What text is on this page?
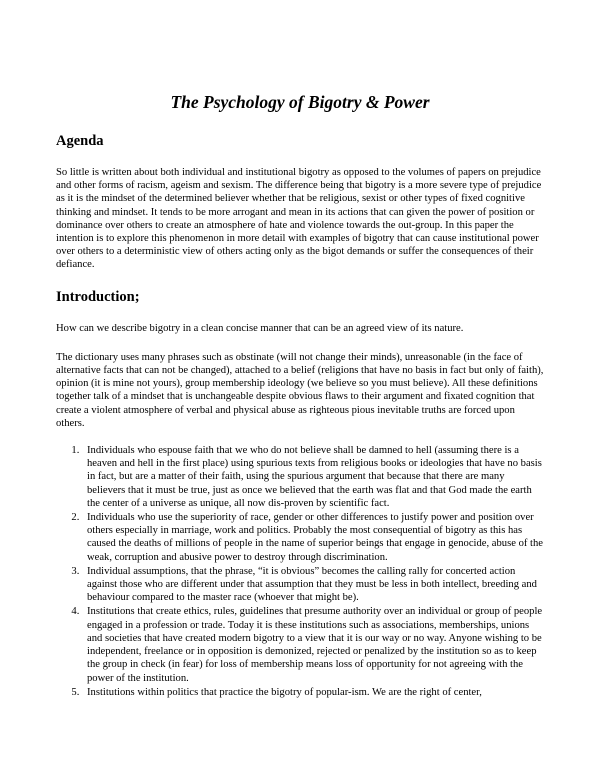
The Psychology of Bigotry & Power
Agenda

So little is written about both individual and institutional bigotry as opposed to the volumes of papers on prejudice and other forms of racism, ageism and sexism. The difference being that bigotry is a more severe type of prejudice as it is the mindset of the determined believer whether that be religious, sexist or other types of fixed cognitive thinking and mindset. It tends to be more arrogant and mean in its actions that can given the power of position or dominance over others to create an atmosphere of hate and violence towards the out-group. In this paper the intention is to explore this phenomenon in more detail with examples of bigotry that can cause institutional power over others to a deterministic view of others acting only as the bigot demands or suffer the consequences of their defiance.

Introduction;

How can we describe bigotry in a clean concise manner that can be an agreed view of its nature.

The dictionary uses many phrases such as obstinate (will not change their minds), unreasonable (in the face of alternative facts that can not be changed), attached to a belief (religions that have no basis in fact but only of faith), opinion (it is mine not yours), group membership ideology (we believe so you must believe). All these definitions together talk of a mindset that is unchangeable despite obvious flaws to their argument and fixated cognition that create a violent atmosphere of verbal and physical abuse as righteous pious inevitable truths are forced upon others.

1. Individuals who espouse faith that we who do not believe shall be damned to hell (assuming there is a heaven and hell in the first place) using spurious texts from religious books or ideologies that have no basis in fact, but are a matter of their faith, using the spurious argument that because that there are many believers that it must be true, just as once we believed that the earth was flat and that God made the earth the center of a universe as unique, all now dis-proven by scientific fact.
2. Individuals who use the superiority of race, gender or other differences to justify power and position over others especially in marriage, work and politics. Probably the most consequential of bigotry as this has caused the deaths of millions of people in the name of superior beings that engage in genocide, abuse of the weak, corruption and abusive power to destroy through discrimination.
3. Individual assumptions, that the phrase, “it is obvious” becomes the calling rally for concerted action against those who are different under that assumption that they must be less in both intellect, breeding and behaviour compared to the master race (whoever that might be).
4. Institutions that create ethics, rules, guidelines that presume authority over an individual or group of people engaged in a profession or trade. Today it is these institutions such as associations, memberships, unions and societies that have created modern bigotry to a view that it is our way or no way. Anyone wishing to be independent, freelance or in opposition is demonized, rejected or penalized by the institution so as to keep the group in check (in fear) for loss of membership means loss of opportunity for not agreeing with the power of the institution.
5. Institutions within politics that practice the bigotry of popular-ism. We are the right of center,
